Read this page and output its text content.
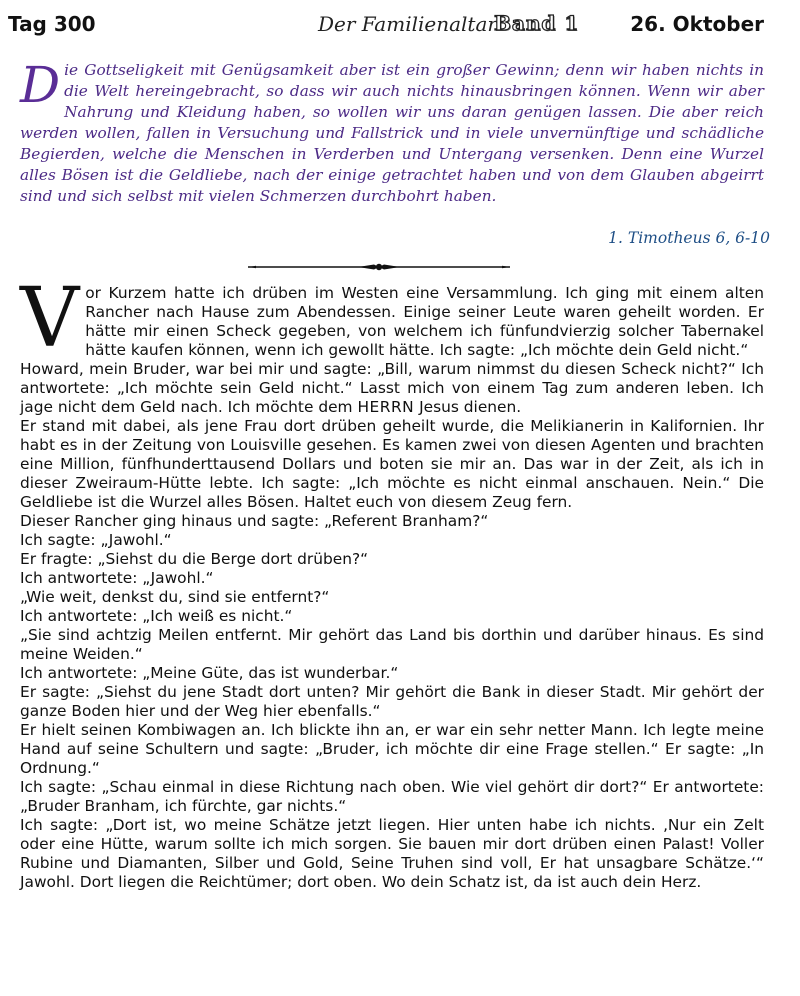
Tag 300	Der Familienaltar
Band 1	26. Oktober
D ie Gottseligkeit mit Genügsamkeit aber ist ein großer Gewinn; denn wir haben nichts in die Welt hereingebracht, so dass wir auch nichts hinausbringen können. Wenn wir aber Nahrung und Kleidung haben, so wollen wir uns daran genügen lassen. Die aber reich werden wollen, fallen in Versuchung und Fallstrick und in viele unvernünftige und schädliche Begierden, welche die Menschen in Verderben und Untergang versenken. Denn eine Wurzel alles Bösen ist die Geldliebe, nach der einige getrachtet haben und von dem Glauben abgeirrt sind und sich selbst mit vielen Schmerzen durchbohrt haben.
1. Timotheus 6, 6-10

Vor Kurzem hatte ich drüben im Westen eine Versammlung. Ich ging mit einem alten Rancher nach Hause zum Abendessen. Einige seiner Leute waren geheilt worden. Er hätte mir einen Scheck gegeben, von welchem ich fünfundvierzig solcher Tabernakel hätte kaufen können, wenn ich gewollt hätte. Ich sagte: „Ich möchte dein Geld nicht.“

Howard, mein Bruder, war bei mir und sagte: „Bill, warum nimmst du diesen Scheck nicht?“ Ich antwortete: „Ich möchte sein Geld nicht.“ Lasst mich von einem Tag zum anderen leben. Ich jage nicht dem Geld nach. Ich möchte dem HERRN Jesus dienen.

Er stand mit dabei, als jene Frau dort drüben geheilt wurde, die Melikianerin in Kalifornien. Ihr habt es in der Zeitung von Louisville gesehen. Es kamen zwei von diesen Agenten und brachten eine Million, fünfhunderttausend Dollars und boten sie mir an. Das war in der Zeit, als ich in dieser Zweiraum-Hütte lebte. Ich sagte: „Ich möchte es nicht einmal anschauen. Nein.“ Die Geldliebe ist die Wurzel alles Bösen. Haltet euch von diesem Zeug fern.

Dieser Rancher ging hinaus und sagte: „Referent Branham?“

Ich sagte: „Jawohl.“

Er fragte: „Siehst du die Berge dort drüben?“

Ich antwortete: „Jawohl.“

„Wie weit, denkst du, sind sie entfernt?“

Ich antwortete: „Ich weiß es nicht.“

„Sie sind achtzig Meilen entfernt. Mir gehört das Land bis dorthin und darüber hinaus. Es sind meine Weiden.“

Ich antwortete: „Meine Güte, das ist wunderbar.“

Er sagte: „Siehst du jene Stadt dort unten? Mir gehört die Bank in dieser Stadt. Mir gehört der ganze Boden hier und der Weg hier ebenfalls.“

Er hielt seinen Kombiwagen an. Ich blickte ihn an, er war ein sehr netter Mann. Ich legte meine Hand auf seine Schultern und sagte: „Bruder, ich möchte dir eine Frage stellen.“ Er sagte: „In Ordnung.“

Ich sagte: „Schau einmal in diese Richtung nach oben. Wie viel gehört dir dort?“ Er antwortete: „Bruder Branham, ich fürchte, gar nichts.“

Ich sagte: „Dort ist, wo meine Schätze jetzt liegen. Hier unten habe ich nichts. ‚Nur ein Zelt oder eine Hütte, warum sollte ich mich sorgen. Sie bauen mir dort drüben einen Palast! Voller Rubine und Diamanten, Silber und Gold, Seine Truhen sind voll, Er hat unsagbare Schätze.‘“ Jawohl. Dort liegen die Reichtümer; dort oben. Wo dein Schatz ist, da ist auch dein Herz.
